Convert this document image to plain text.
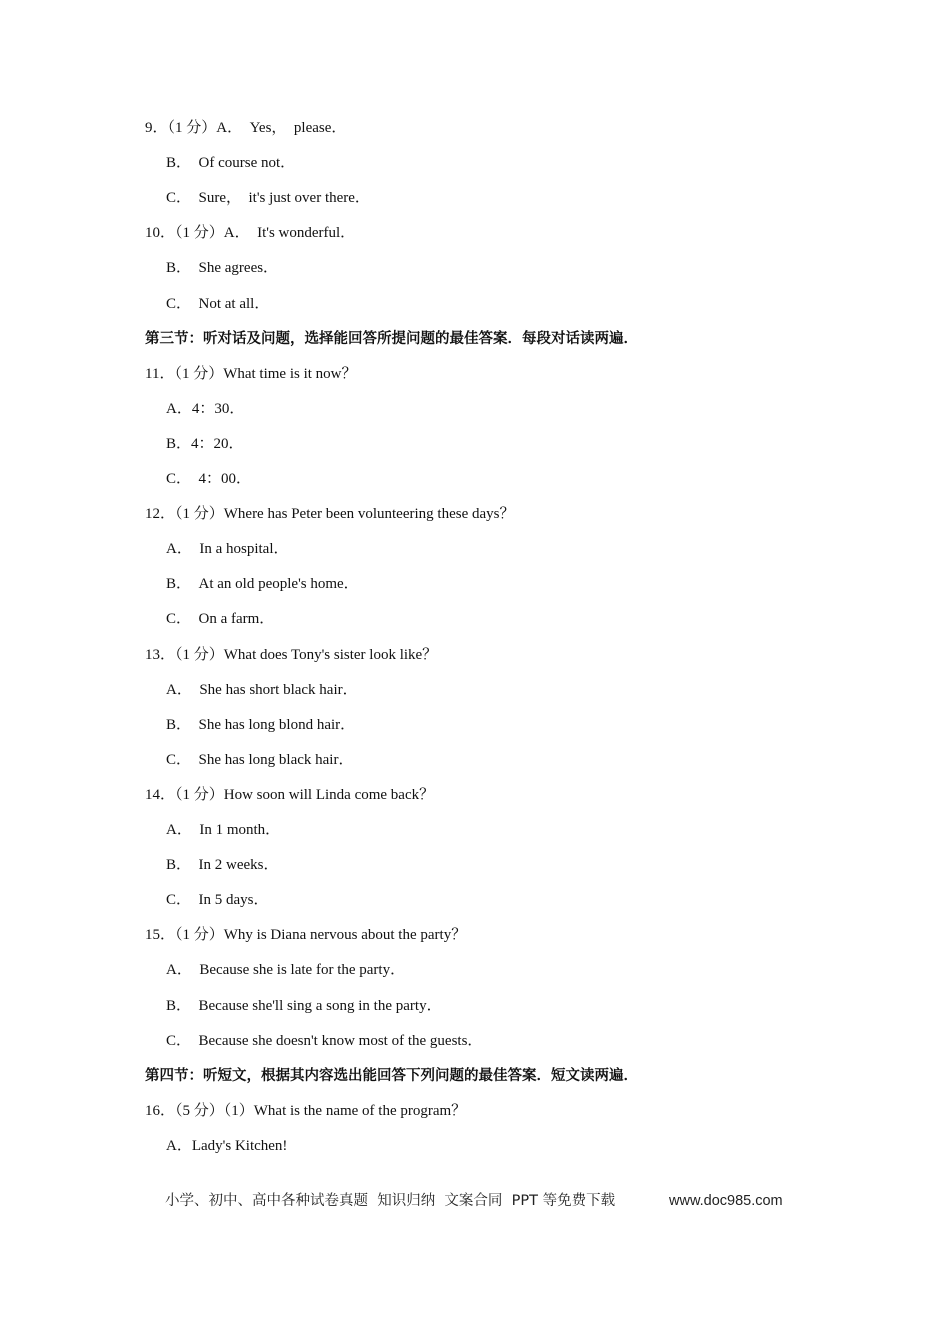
9．（1 分）A．　Yes，　please．
B．　Of course not．
C．　Sure，　it's just over there．
10．（1 分）A．　It's wonderful．
B．　She agrees．
C．　Not at all．
第三节：听对话及问题，选择能回答所提问题的最佳答案．每段对话读两遍．
11．（1 分）What time is it now？
A．4：30．
B．4：20．
C．　4：00．
12．（1 分）Where has Peter been volunteering these days？
A．　In a hospital．
B．　At an old people's home．
C．　On a farm．
13．（1 分）What does Tony's sister look like？
A．　She has short black hair．
B．　She has long blond hair．
C．　She has long black hair．
14．（1 分）How soon will Linda come back？
A．　In 1 month．
B．　In 2 weeks．
C．　In 5 days．
15．（1 分）Why is Diana nervous about the party？
A．　Because she is late for the party．
B．　Because she'll sing a song in the party．
C．　Because she doesn't know most of the guests．
第四节：听短文，根据其内容选出能回答下列问题的最佳答案．短文读两遍．
16．（5 分）（1）What is the name of the program？
A．Lady's Kitchen!
小学、初中、高中各种试卷真题  知识归纳  文案合同  PPT 等免费下载	www.doc985.com
